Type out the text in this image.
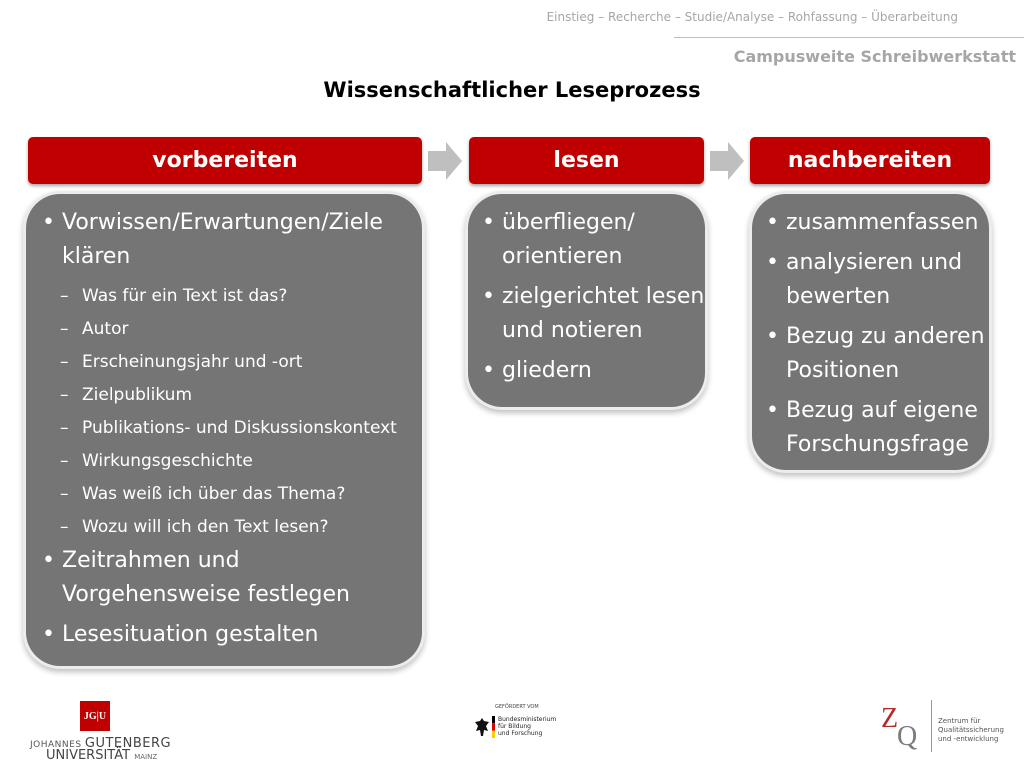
Einstieg – Recherche – Studie/Analyse – Rohfassung – Überarbeitung
Campusweite Schreibwerkstatt
Wissenschaftlicher Leseprozess
vorbereiten	lesen	nachbereiten
• Vorwissen/Erwartungen/Ziele
klären
– Was für ein Text ist das?
– Autor
– Erscheinungsjahr und -ort
– Zielpublikum
– Publikations- und Diskussionskontext
– Wirkungsgeschichte
– Was weiß ich über das Thema?
– Wozu will ich den Text lesen?
• Zeitrahmen und
Vorgehensweise festlegen
• Lesesituation gestalten
• überfliegen/
orientieren
• zielgerichtet lesen
und notieren
• gliedern
• zusammenfassen
• analysieren und
bewerten
• Bezug zu anderen
Positionen
• Bezug auf eigene
Forschungsfrage
JG|U
JOHANNES GUTENBERG
UNIVERSITÄT MAINZ
GEFÖRDERT VOM
Bundesministerium
für Bildung
und Forschung	Z
Q	Zentrum für
Qualitätssicherung
und -entwicklung
